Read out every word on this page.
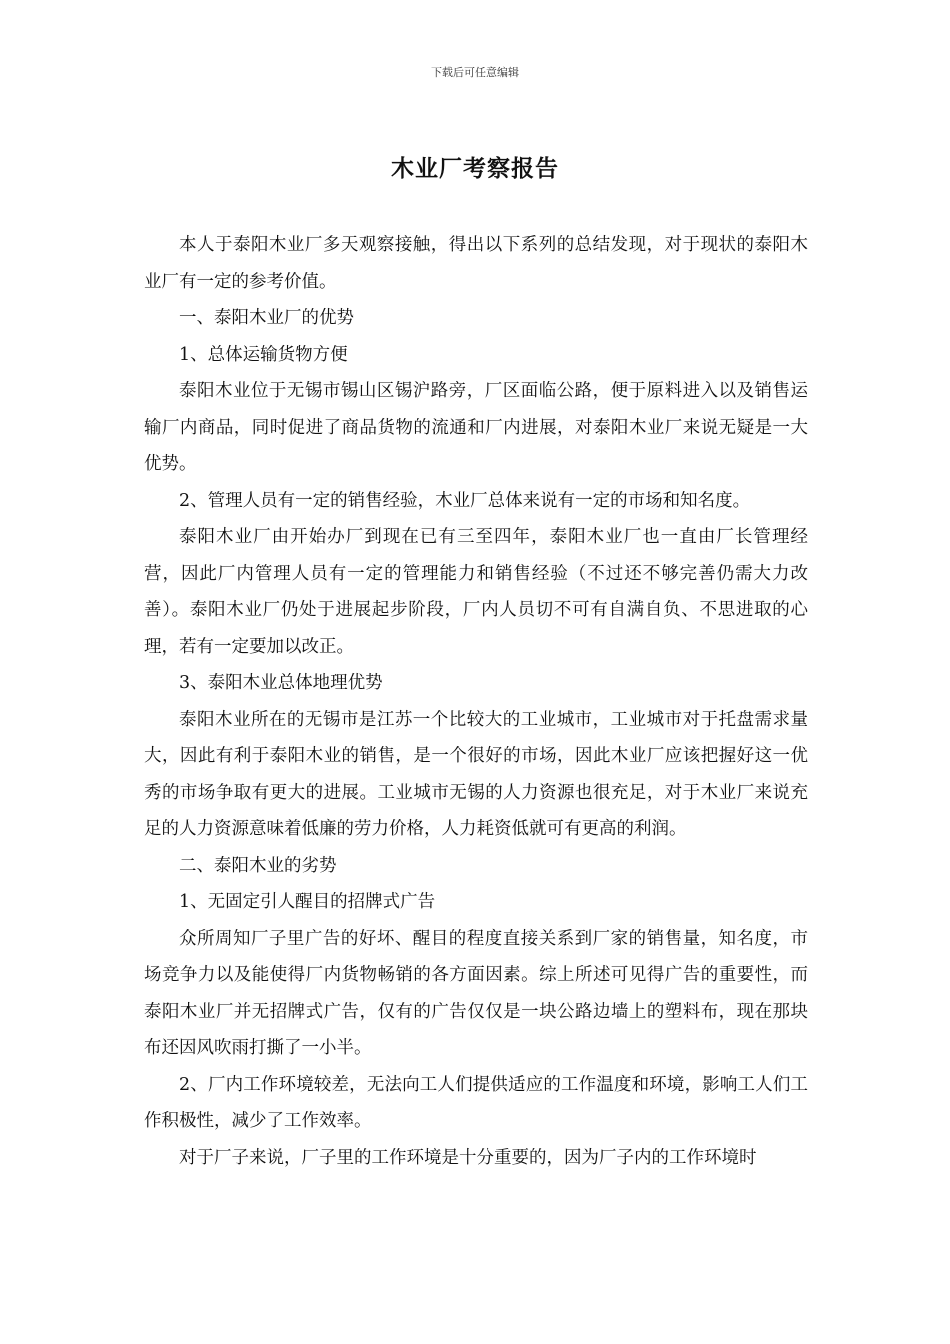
下载后可任意编辑
木业厂考察报告

本人于泰阳木业厂多天观察接触，得出以下系列的总结发现，对于现状的泰阳木业厂有一定的参考价值。

一、泰阳木业厂的优势

1、总体运输货物方便

泰阳木业位于无锡市锡山区锡沪路旁，厂区面临公路，便于原料进入以及销售运输厂内商品，同时促进了商品货物的流通和厂内进展，对泰阳木业厂来说无疑是一大优势。

2、管理人员有一定的销售经验，木业厂总体来说有一定的市场和知名度。

泰阳木业厂由开始办厂到现在已有三至四年，泰阳木业厂也一直由厂长管理经营，因此厂内管理人员有一定的管理能力和销售经验（不过还不够完善仍需大力改善）。泰阳木业厂仍处于进展起步阶段，厂内人员切不可有自满自负、不思进取的心理，若有一定要加以改正。

3、泰阳木业总体地理优势

泰阳木业所在的无锡市是江苏一个比较大的工业城市，工业城市对于托盘需求量大，因此有利于泰阳木业的销售，是一个很好的市场，因此木业厂应该把握好这一优秀的市场争取有更大的进展。工业城市无锡的人力资源也很充足，对于木业厂来说充足的人力资源意味着低廉的劳力价格，人力耗资低就可有更高的利润。

二、泰阳木业的劣势

1、无固定引人醒目的招牌式广告

众所周知厂子里广告的好坏、醒目的程度直接关系到厂家的销售量，知名度，市场竞争力以及能使得厂内货物畅销的各方面因素。综上所述可见得广告的重要性，而泰阳木业厂并无招牌式广告，仅有的广告仅仅是一块公路边墙上的塑料布，现在那块布还因风吹雨打撕了一小半。

2、厂内工作环境较差，无法向工人们提供适应的工作温度和环境，影响工人们工作积极性，减少了工作效率。

对于厂子来说，厂子里的工作环境是十分重要的，因为厂子内的工作环境时
